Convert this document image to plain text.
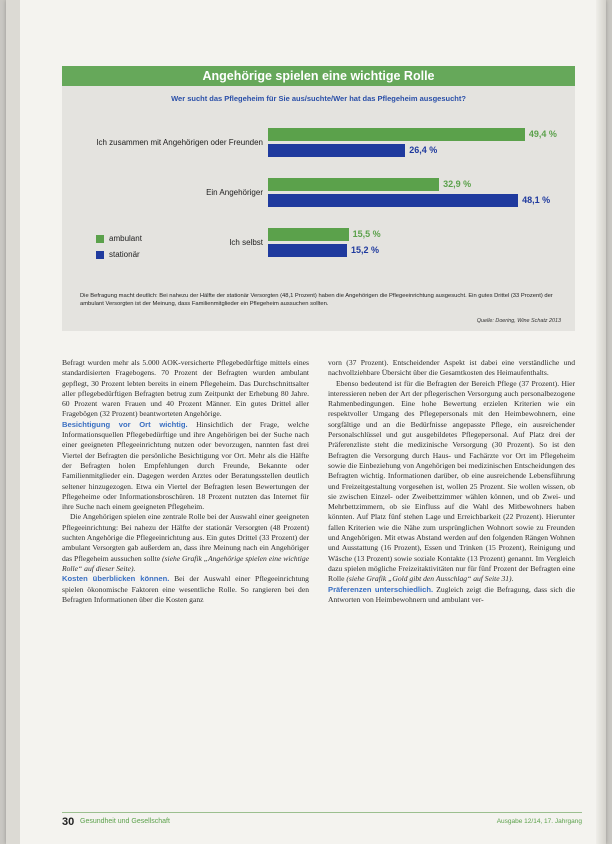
Angehörige spielen eine wichtige Rolle
Wer sucht das Pflegeheim für Sie aus/suchte/Wer hat das Pflegeheim ausgesucht?
ambulant
stationär
Die Befragung macht deutlich: Bei nahezu der Hälfte der stationär Versorgten (48,1 Prozent) haben die Angehörigen die Pflegeeinrichtung ausgesucht. Ein gutes Drittel (33 Prozent) der ambulant Versorgten ist der Meinung, dass Familienmitglieder ein Pflegeheim aussuchen sollten.
Quelle: Doering, Wine Schatz 2013
Ich zusammen mit Angehörigen oder Freunden
49,4 %
26,4 %
Ein Angehöriger
32,9 %
48,1 %
Ich selbst
15,5 %
15,2 %

Befragt wurden mehr als 5.000 AOK-versicherte Pflegebedürftige mittels eines standardisierten Fragebogens. 70 Prozent der Befragten wurden ambulant gepflegt, 30 Prozent lebten bereits in einem Pflegeheim. Das Durchschnittsalter aller pflegebedürftigen Befragten betrug zum Zeitpunkt der Erhebung 80 Jahre. 60 Prozent waren Frauen und 40 Prozent Männer. Ein gutes Drittel aller Fragebögen (32 Prozent) beantworteten Angehörige.

Besichtigung vor Ort wichtig. Hinsichtlich der Frage, welche Informationsquellen Pflegebedürftige und ihre Angehörigen bei der Suche nach einer geeigneten Pflegeeinrichtung nutzen oder bevorzugen, nannten fast drei Viertel der Befragten die persönliche Besichtigung vor Ort. Mehr als die Hälfte der Befragten holen Empfehlungen durch Freunde, Bekannte oder Familienmitglieder ein. Dagegen werden Arztes oder Beratungsstellen deutlich seltener hinzugezogen. Etwa ein Viertel der Befragten lesen Bewertungen der Pflegeheime oder Informationsbroschüren. 18 Prozent nutzten das Internet für ihre Suche nach einem geeigneten Pflegeheim.

Die Angehörigen spielen eine zentrale Rolle bei der Auswahl einer geeigneten Pflegeeinrichtung: Bei nahezu der Hälfte der stationär Versorgten (48 Prozent) suchten Angehörige die Pflegeeinrichtung aus. Ein gutes Drittel (33 Prozent) der ambulant Versorgten gab außerdem an, dass ihre Meinung nach ein Angehöriger das Pflegeheim aussuchen sollte (siehe Grafik „Angehörige spielen eine wichtige Rolle“ auf dieser Seite).

Kosten überblicken können. Bei der Auswahl einer Pflegeeinrichtung spielen ökonomische Faktoren eine wesentliche Rolle. So rangieren bei den Befragten Informationen über die Kosten ganz

vorn (37 Prozent). Entscheidender Aspekt ist dabei eine verständliche und nachvollziehbare Übersicht über die Gesamtkosten des Heimaufenthalts.

Ebenso bedeutend ist für die Befragten der Bereich Pflege (37 Prozent). Hier interessieren neben der Art der pflegerischen Versorgung auch personalbezogene Rahmenbedingungen. Eine hohe Bewertung erzielen Kriterien wie ein respektvoller Umgang des Pflegepersonals mit den Heimbewohnern, eine sorgfältige und an die Bedürfnisse angepasste Pflege, ein ausreichender Personalschlüssel und gut ausgebildetes Pflegepersonal. Auf Platz drei der Präferenzliste steht die medizinische Versorgung (30 Prozent). So ist den Befragten die Versorgung durch Haus- und Fachärzte vor Ort im Pflegeheim sowie die Einbeziehung von Angehörigen bei medizinischen Entscheidungen des Befragten wichtig. Informationen darüber, ob eine ausreichende Lebensführung und Freizeitgestaltung vorgesehen ist, wollen 25 Prozent. Sie wollen wissen, ob sie zwischen Einzel- oder Zweibettzimmer wählen können, und ob Zwei- und Mehrbettzimmern, ob sie Einfluss auf die Wahl des Mitbewohners haben könnten. Auf Platz fünf stehen Lage und Erreichbarkeit (22 Prozent). Hierunter fallen Kriterien wie die Nähe zum ursprünglichen Wohnort sowie zu Freunden und Angehörigen. Mit etwas Abstand werden auf den folgenden Rängen Wohnen und Ausstattung (16 Prozent), Essen und Trinken (15 Prozent), Reinigung und Wäsche (13 Prozent) sowie soziale Kontakte (13 Prozent) genannt. Im Vergleich dazu spielen mögliche Freizeitaktivitäten nur für fünf Prozent der Befragten eine Rolle (siehe Grafik „Gold gibt den Ausschlag“ auf Seite 31).

Präferenzen unterschiedlich. Zugleich zeigt die Befragung, dass sich die Antworten von Heimbewohnern und ambulant ver-

30 Gesundheit und Gesellschaft	Ausgabe 12/14, 17. Jahrgang
